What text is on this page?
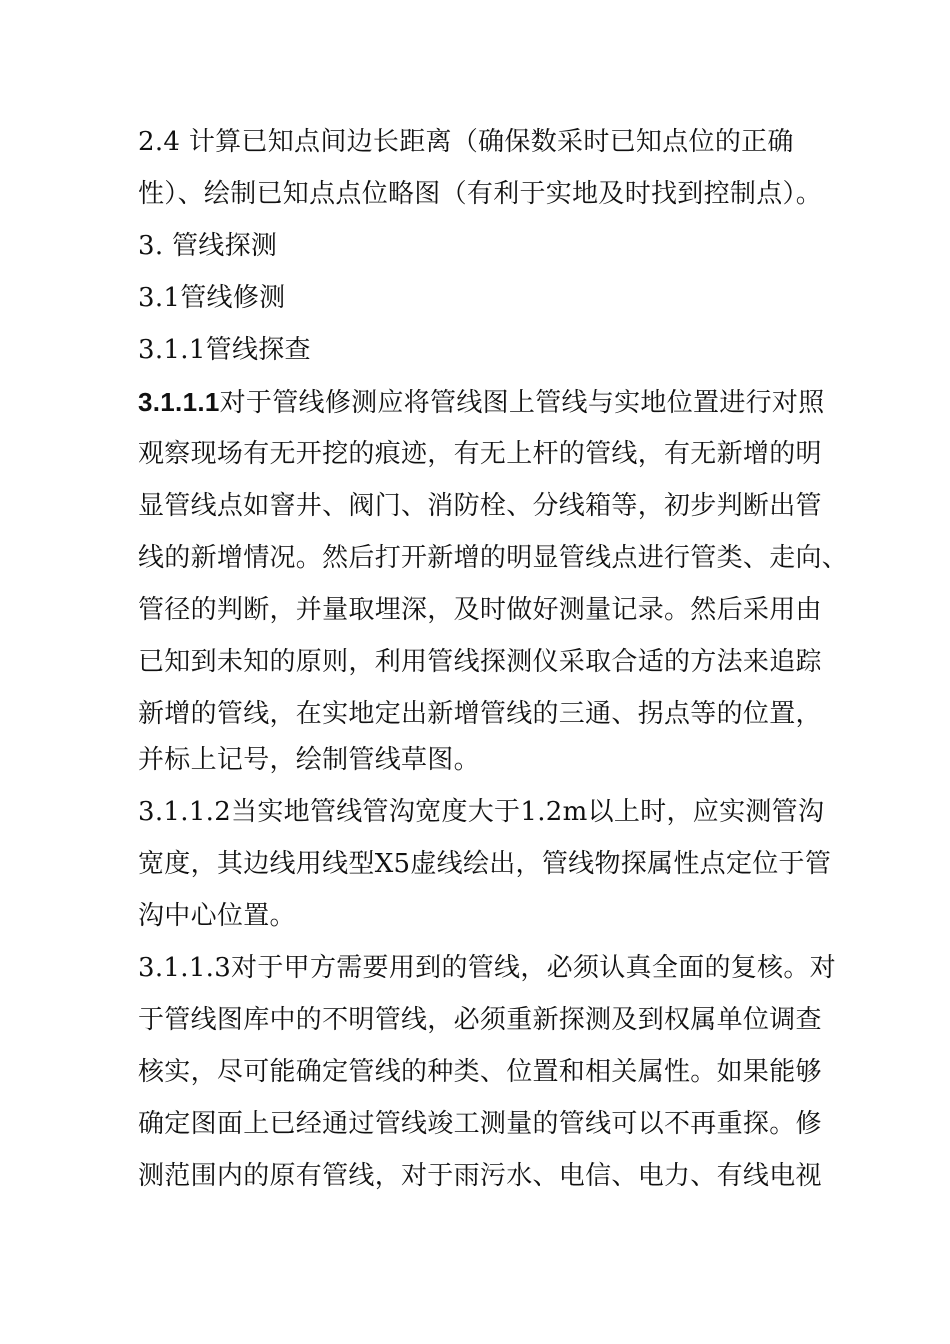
2.4 计算已知点间边长距离（确保数采时已知点位的正确
性）、绘制已知点点位略图（有利于实地及时找到控制点）。
3. 管线探测
3.1管线修测
3.1.1管线探查
3.1.1.1对于管线修测应将管线图上管线与实地位置进行对照
观察现场有无开挖的痕迹，有无上杆的管线，有无新增的明
显管线点如窨井、阀门、消防栓、分线箱等，初步判断出管
线的新增情况。然后打开新增的明显管线点进行管类、走向、
管径的判断，并量取埋深，及时做好测量记录。然后采用由
已知到未知的原则，利用管线探测仪采取合适的方法来追踪
新增的管线，在实地定出新增管线的三通、拐点等的位置，
并标上记号，绘制管线草图。
3.1.1.2当实地管线管沟宽度大于1.2m以上时，应实测管沟
宽度，其边线用线型X5虚线绘出，管线物探属性点定位于管
沟中心位置。
3.1.1.3对于甲方需要用到的管线，必须认真全面的复核。对
于管线图库中的不明管线，必须重新探测及到权属单位调查
核实，尽可能确定管线的种类、位置和相关属性。如果能够
确定图面上已经通过管线竣工测量的管线可以不再重探。修
测范围内的原有管线，对于雨污水、电信、电力、有线电视
